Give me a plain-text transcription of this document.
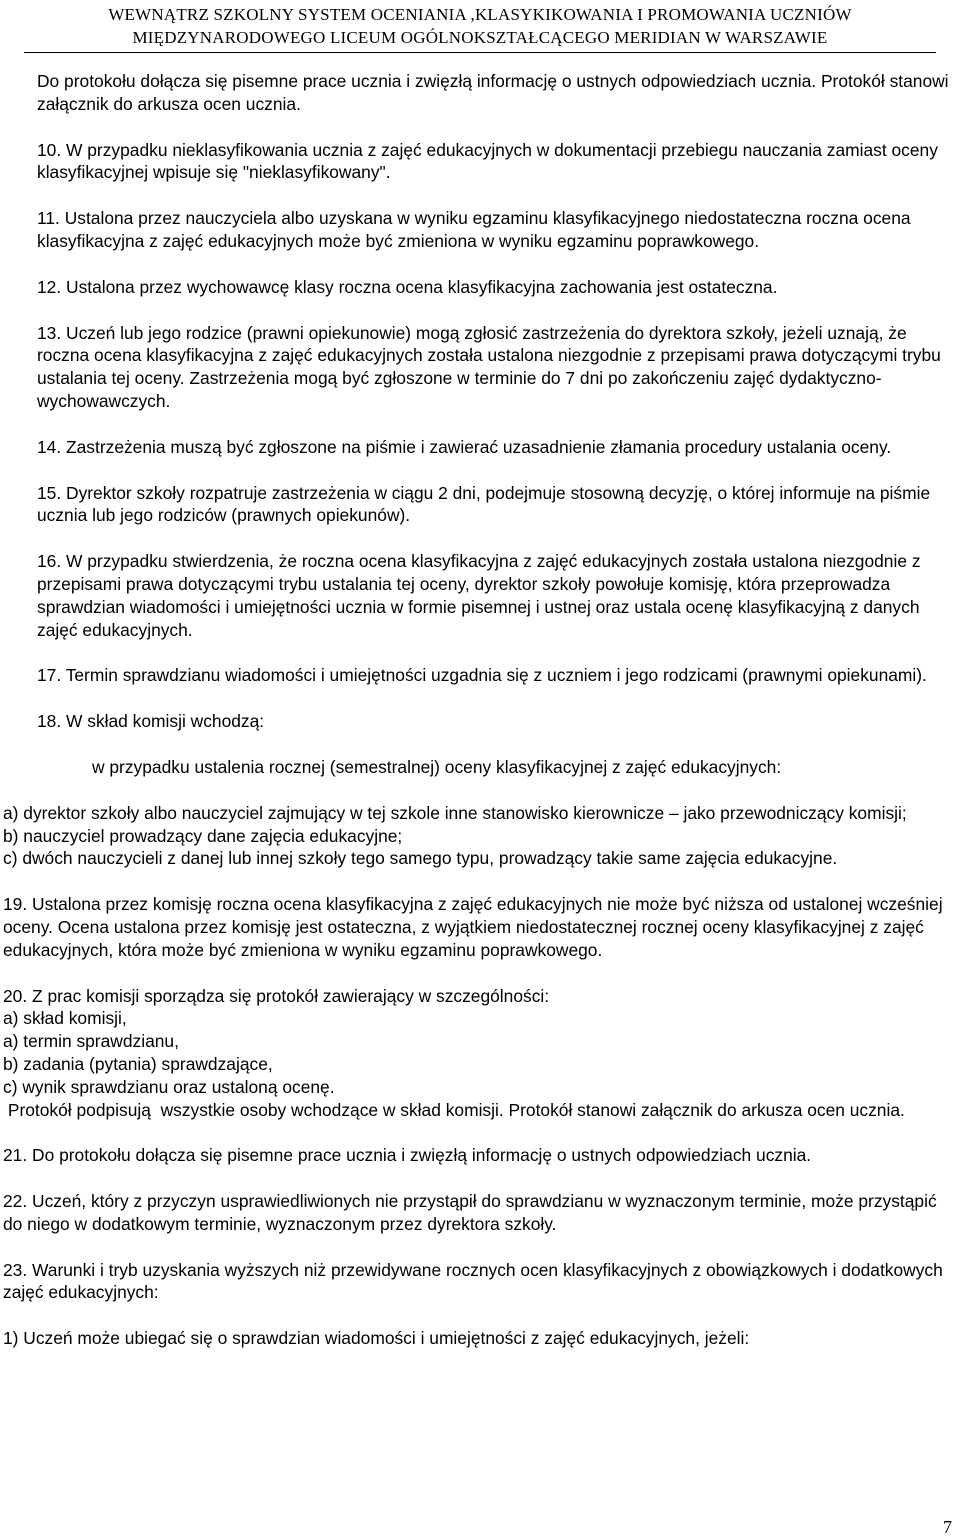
WEWNĄTRZ SZKOLNY SYSTEM OCENIANIA ,KLASYKIKOWANIA I PROMOWANIA UCZNIÓW
MIĘDZYNARODOWEGO LICEUM OGÓLNOKSZTAŁCĄCEGO MERIDIAN W WARSZAWIE

Do protokołu dołącza się pisemne prace ucznia i zwięzłą informację o ustnych odpowiedziach ucznia. Protokół stanowi załącznik do arkusza ocen ucznia.

10. W przypadku nieklasyfikowania ucznia z zajęć edukacyjnych w dokumentacji przebiegu nauczania zamiast oceny klasyfikacyjnej wpisuje się "nieklasyfikowany".

11. Ustalona przez nauczyciela albo uzyskana w wyniku egzaminu klasyfikacyjnego niedostateczna roczna ocena klasyfikacyjna z zajęć edukacyjnych może być zmieniona w wyniku egzaminu poprawkowego.

12. Ustalona przez wychowawcę klasy roczna ocena klasyfikacyjna zachowania jest ostateczna.

13. Uczeń lub jego rodzice (prawni opiekunowie) mogą zgłosić zastrzeżenia do dyrektora szkoły, jeżeli uznają, że roczna ocena klasyfikacyjna z zajęć edukacyjnych została ustalona niezgodnie z przepisami prawa dotyczącymi trybu ustalania tej oceny. Zastrzeżenia mogą być zgłoszone w terminie do 7 dni po zakończeniu zajęć dydaktyczno-wychowawczych.

14. Zastrzeżenia muszą być zgłoszone na piśmie i zawierać uzasadnienie złamania procedury ustalania oceny.

15. Dyrektor szkoły rozpatruje zastrzeżenia w ciągu 2 dni, podejmuje stosowną decyzję, o której informuje na piśmie ucznia lub jego rodziców (prawnych opiekunów).

16. W przypadku stwierdzenia, że roczna ocena klasyfikacyjna z zajęć edukacyjnych została ustalona niezgodnie z przepisami prawa dotyczącymi trybu ustalania tej oceny, dyrektor szkoły powołuje komisję, która przeprowadza sprawdzian wiadomości i umiejętności ucznia w formie pisemnej i ustnej oraz ustala ocenę klasyfikacyjną z danych zajęć edukacyjnych.

17. Termin sprawdzianu wiadomości i umiejętności uzgadnia się z uczniem i jego rodzicami (prawnymi opiekunami).

18. W skład komisji wchodzą:

w przypadku ustalenia rocznej (semestralnej) oceny klasyfikacyjnej z zajęć edukacyjnych:

a) dyrektor szkoły albo nauczyciel zajmujący w tej szkole inne stanowisko kierownicze – jako przewodniczący komisji;

b) nauczyciel prowadzący dane zajęcia edukacyjne;

c) dwóch nauczycieli z danej lub innej szkoły tego samego typu, prowadzący takie same zajęcia edukacyjne.

19. Ustalona przez komisję roczna ocena klasyfikacyjna z zajęć edukacyjnych nie może być niższa od ustalonej wcześniej oceny. Ocena ustalona przez komisję jest ostateczna, z wyjątkiem niedostatecznej rocznej oceny klasyfikacyjnej z zajęć edukacyjnych, która może być zmieniona w wyniku egzaminu poprawkowego.

20. Z prac komisji sporządza się protokół zawierający w szczególności:

a) skład komisji,

a) termin sprawdzianu,

b) zadania (pytania) sprawdzające,

c) wynik sprawdzianu oraz ustaloną ocenę.

Protokół podpisują  wszystkie osoby wchodzące w skład komisji. Protokół stanowi załącznik do arkusza ocen ucznia.

21. Do protokołu dołącza się pisemne prace ucznia i zwięzłą informację o ustnych odpowiedziach ucznia.

22. Uczeń, który z przyczyn usprawiedliwionych nie przystąpił do sprawdzianu w wyznaczonym terminie, może przystąpić do niego w dodatkowym terminie, wyznaczonym przez dyrektora szkoły.

23. Warunki i tryb uzyskania wyższych niż przewidywane rocznych ocen klasyfikacyjnych z obowiązkowych i dodatkowych zajęć edukacyjnych:

1) Uczeń może ubiegać się o sprawdzian wiadomości i umiejętności z zajęć edukacyjnych, jeżeli:

7
